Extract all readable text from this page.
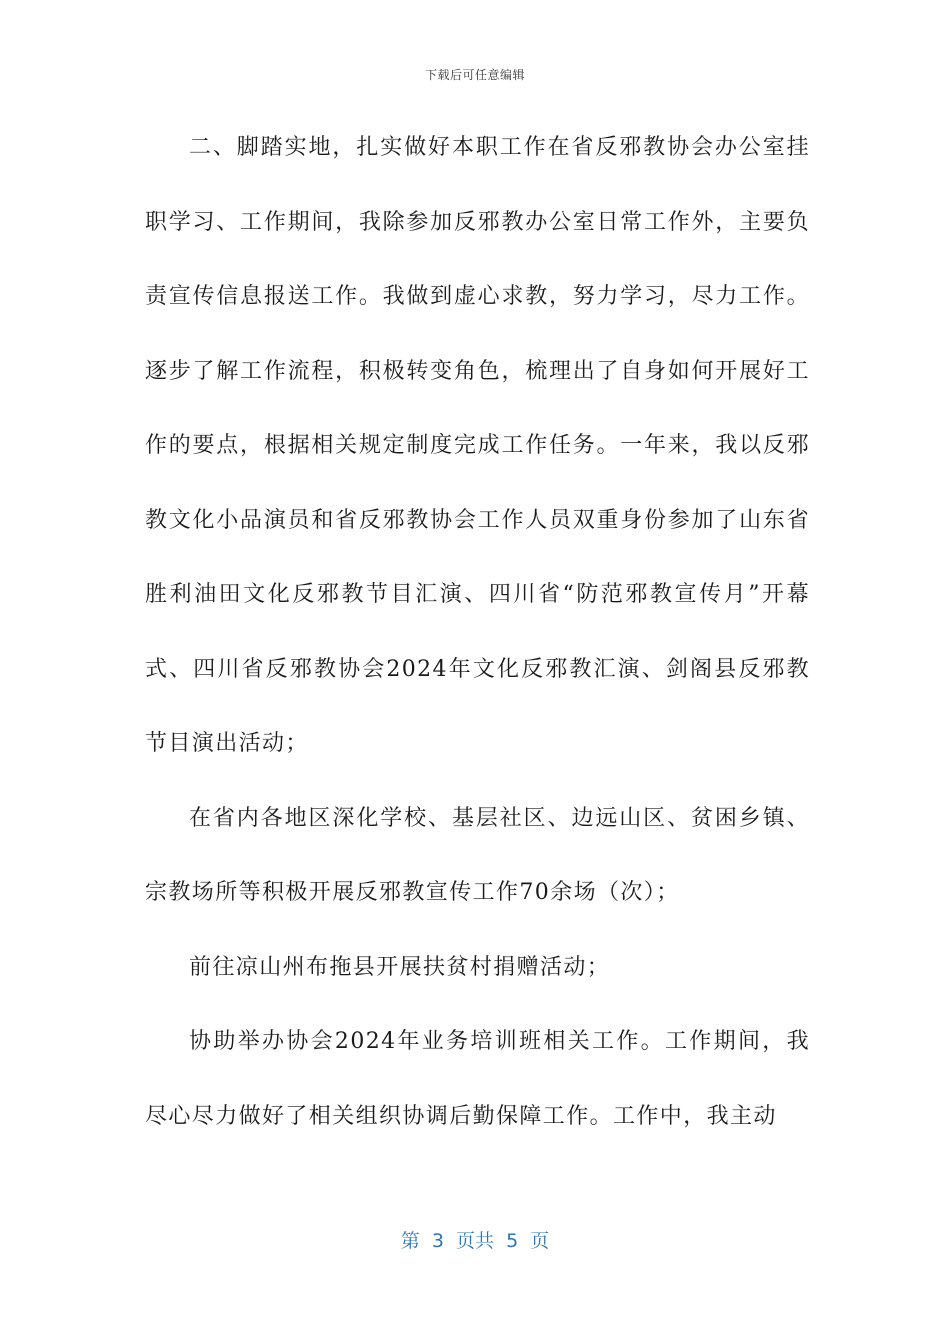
下载后可任意编辑

二、脚踏实地，扎实做好本职工作在省反邪教协会办公室挂职学习、工作期间，我除参加反邪教办公室日常工作外，主要负责宣传信息报送工作。我做到虚心求教，努力学习，尽力工作。逐步了解工作流程，积极转变角色，梳理出了自身如何开展好工作的要点，根据相关规定制度完成工作任务。一年来，我以反邪教文化小品演员和省反邪教协会工作人员双重身份参加了山东省胜利油田文化反邪教节目汇演、四川省“防范邪教宣传月”开幕式、四川省反邪教协会2024年文化反邪教汇演、剑阁县反邪教节目演出活动；

在省内各地区深化学校、基层社区、边远山区、贫困乡镇、宗教场所等积极开展反邪教宣传工作70余场（次）；

前往凉山州布拖县开展扶贫村捐赠活动；

协助举办协会2024年业务培训班相关工作。工作期间，我尽心尽力做好了相关组织协调后勤保障工作。工作中，我主动

第  3  页共  5  页
